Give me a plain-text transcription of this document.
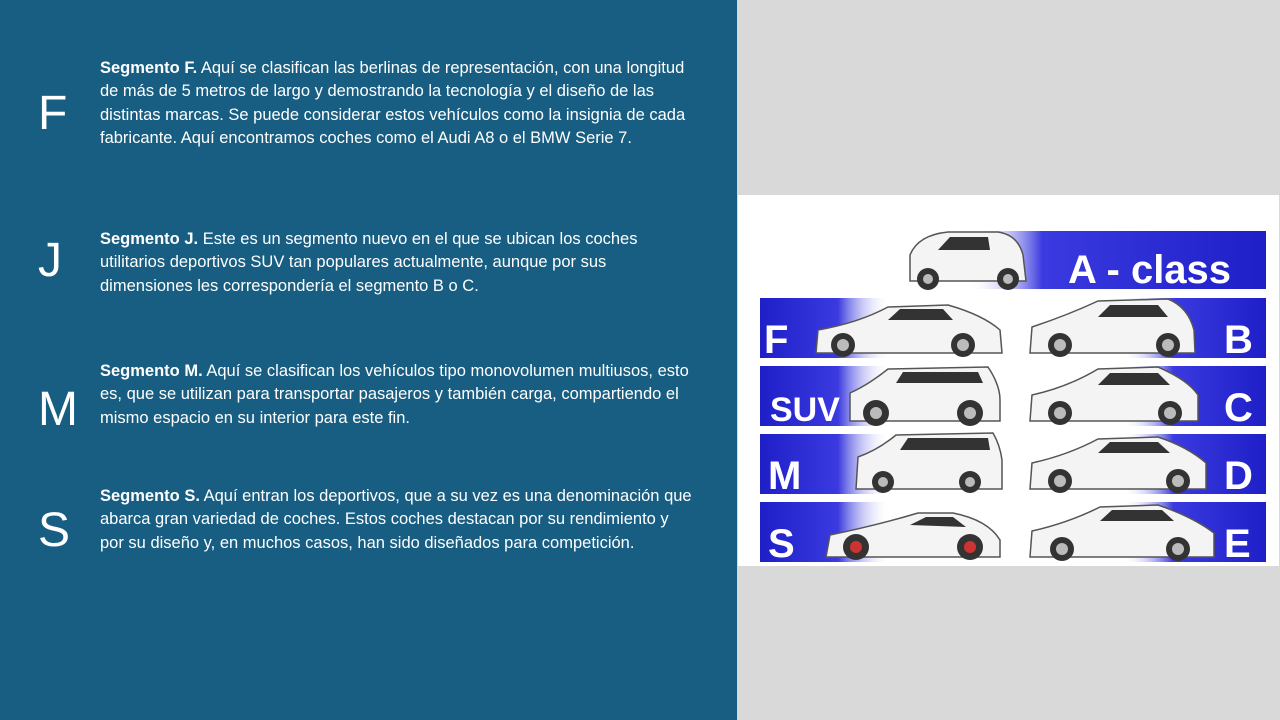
F
Segmento F. Aquí se clasifican las berlinas de representación, con una longitud de más de 5 metros de largo y demostrando la tecnología y el diseño de las distintas marcas. Se puede considerar estos vehículos como la insignia de cada fabricante. Aquí encontramos coches como el Audi A8 o el BMW Serie 7.
J Segmento J. Este es un segmento nuevo en el que se ubican los coches utilitarios deportivos SUV tan populares actualmente, aunque por sus dimensiones les correspondería el segmento B o C.
M
Segmento M. Aquí se clasifican los vehículos tipo monovolumen multiusos, esto es, que se utilizan para transportar pasajeros y también carga, compartiendo el mismo espacio en su interior para este fin.
S
Segmento S. Aquí entran los deportivos, que a su vez es una denominación que abarca gran variedad de coches. Estos coches destacan por su rendimiento y por su diseño y, en muchos casos, han sido diseñados para competición.
A - class
F
SUV
M
S
B
C
D
E
